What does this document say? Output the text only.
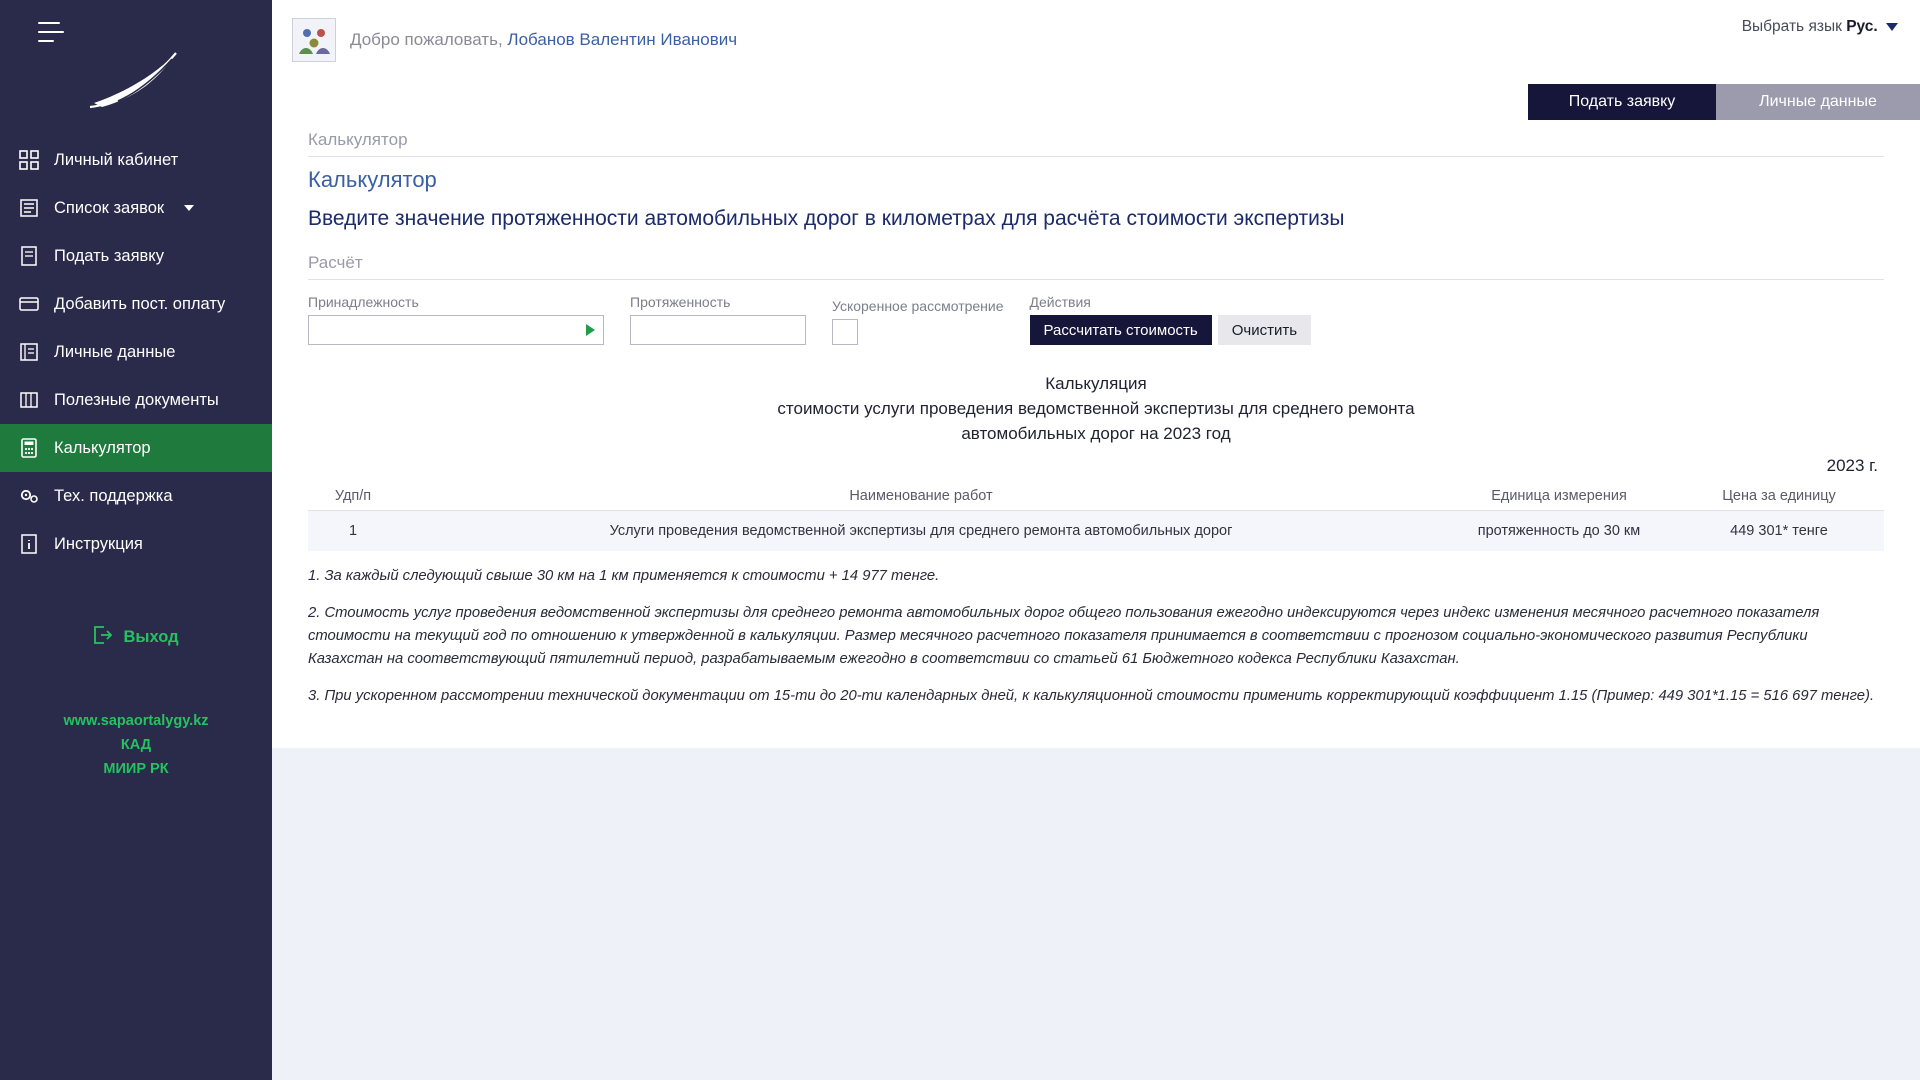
Личный кабинет
Список заявок
Подать заявку
Добавить пост. оплату
Личные данные
Полезные документы
Калькулятор
Тех. поддержка
Инструкция
Выход
www.sapaortalygy.kz
КАД
МИИР РК
Добро пожаловать, Лобанов Валентин Иванович
Выбрать язык Рус.
Подать заявку	Личные данные
Калькулятор
Калькулятор
Введите значение протяженности автомобильных дорог в километрах для расчёта стоимости экспертизы
Расчёт
Принадлежность	Протяженность	Ускоренное рассмотрение Действия
Рассчитать стоимость	Очистить
Калькуляция
стоимости услуги проведения ведомственной экспертизы для среднего ремонта
автомобильных дорог на 2023 год
2023 г.
Удп/п	Наименование работ	Единица измерения	Цена за единицу
1	Услуги проведения ведомственной экспертизы для среднего ремонта автомобильных дорог	протяженность до 30 км	449 301* тенге

1. За каждый следующий свыше 30 км на 1 км применяется к стоимости + 14 977 тенге.

2. Стоимость услуг проведения ведомственной экспертизы для среднего ремонта автомобильных дорог общего пользования ежегодно индексируются через индекс изменения месячного расчетного показателя стоимости на текущий год по отношению к утвержденной в калькуляции. Размер месячного расчетного показателя принимается в соответствии с прогнозом социально-экономического развития Республики Казахстан на соответствующий пятилетний период, разрабатываемым ежегодно в соответствии со статьей 61 Бюджетного кодекса Республики Казахстан.

3. При ускоренном рассмотрении технической документации от 15-ти до 20-ти календарных дней, к калькуляционной стоимости применить корректирующий коэффициент 1.15 (Пример: 449 301*1.15 = 516 697 тенге).
